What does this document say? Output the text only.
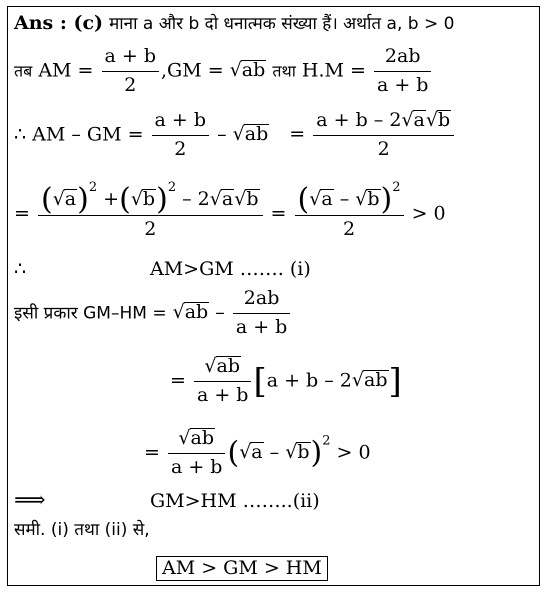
Ans : (c) माना a और b दो धनात्मक संख्या हैं। अर्थात a, b > 0
तब AM = $\frac{a + b}{2} ,GM = √ab$ तथा $H.M = \frac{2ab}{a + b}$
∴ AM – GM = $\frac{a + b}{2} - √ab = \frac{a + b - 2√a√b}{2}$
= $\frac{(√a)^2 +(√b)^2 - 2√a√b}{2} = \frac{(√a - √b)^2}{2} > 0$
∴	AM>GM ……. (i)
इसी प्रकार $GM-HM = √ab - \frac{2ab}{a + b}$
= $\frac{√ab}{a + b} [a + b - 2√ab]$
= $\frac{√ab}{a + b} (√a - √b)^2 > 0$
⟹	GM>HM ……..(ii)
समी. (i) तथा (ii) से,
AM > GM > HM
